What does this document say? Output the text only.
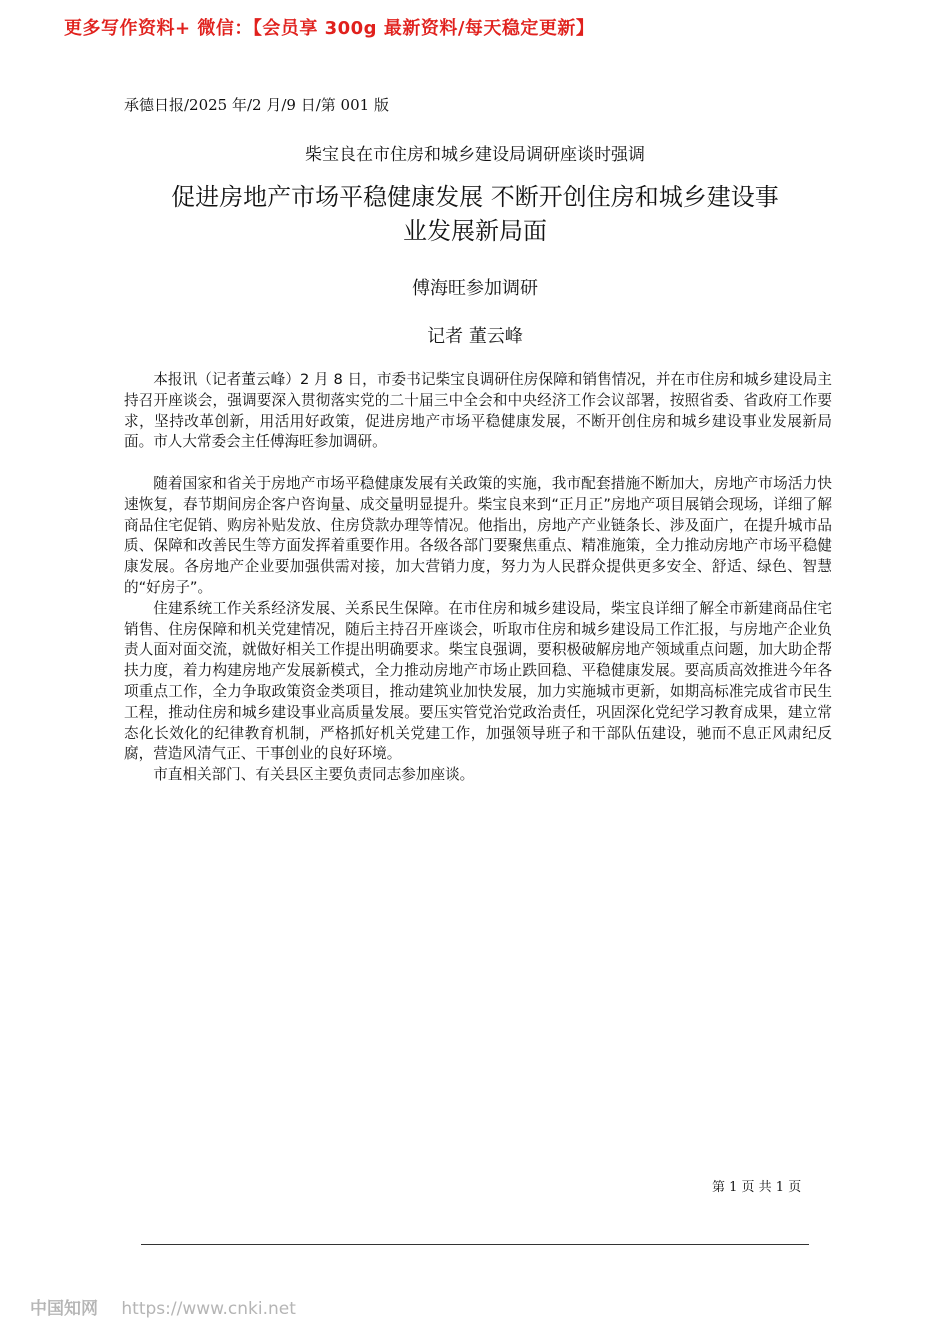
更多写作资料+ 微信：【会员享 300g 最新资料/每天稳定更新】
承德日报/2025 年/2 月/9 日/第 001 版
柴宝良在市住房和城乡建设局调研座谈时强调
促进房地产市场平稳健康发展 不断开创住房和城乡建设事
业发展新局面
傅海旺参加调研
记者 董云峰

本报讯（记者董云峰）2 月 8 日，市委书记柴宝良调研住房保障和销售情况，并在市住房和城乡建设局主持召开座谈会，强调要深入贯彻落实党的二十届三中全会和中央经济工作会议部署，按照省委、省政府工作要求，坚持改革创新，用活用好政策，促进房地产市场平稳健康发展，不断开创住房和城乡建设事业发展新局面。市人大常委会主任傅海旺参加调研。

随着国家和省关于房地产市场平稳健康发展有关政策的实施，我市配套措施不断加大，房地产市场活力快速恢复，春节期间房企客户咨询量、成交量明显提升。柴宝良来到“正月正”房地产项目展销会现场，详细了解商品住宅促销、购房补贴发放、住房贷款办理等情况。他指出，房地产产业链条长、涉及面广，在提升城市品质、保障和改善民生等方面发挥着重要作用。各级各部门要聚焦重点、精准施策，全力推动房地产市场平稳健康发展。各房地产企业要加强供需对接，加大营销力度，努力为人民群众提供更多安全、舒适、绿色、智慧的“好房子”。

住建系统工作关系经济发展、关系民生保障。在市住房和城乡建设局，柴宝良详细了解全市新建商品住宅销售、住房保障和机关党建情况，随后主持召开座谈会，听取市住房和城乡建设局工作汇报，与房地产企业负责人面对面交流，就做好相关工作提出明确要求。柴宝良强调，要积极破解房地产领域重点问题，加大助企帮扶力度，着力构建房地产发展新模式，全力推动房地产市场止跌回稳、平稳健康发展。要高质高效推进今年各项重点工作，全力争取政策资金类项目，推动建筑业加快发展，加力实施城市更新，如期高标准完成省市民生工程，推动住房和城乡建设事业高质量发展。要压实管党治党政治责任，巩固深化党纪学习教育成果，建立常态化长效化的纪律教育机制，严格抓好机关党建工作，加强领导班子和干部队伍建设，驰而不息正风肃纪反腐，营造风清气正、干事创业的良好环境。

市直相关部门、有关县区主要负责同志参加座谈。

第 1 页 共 1 页
中国知网 https://www.cnki.net
